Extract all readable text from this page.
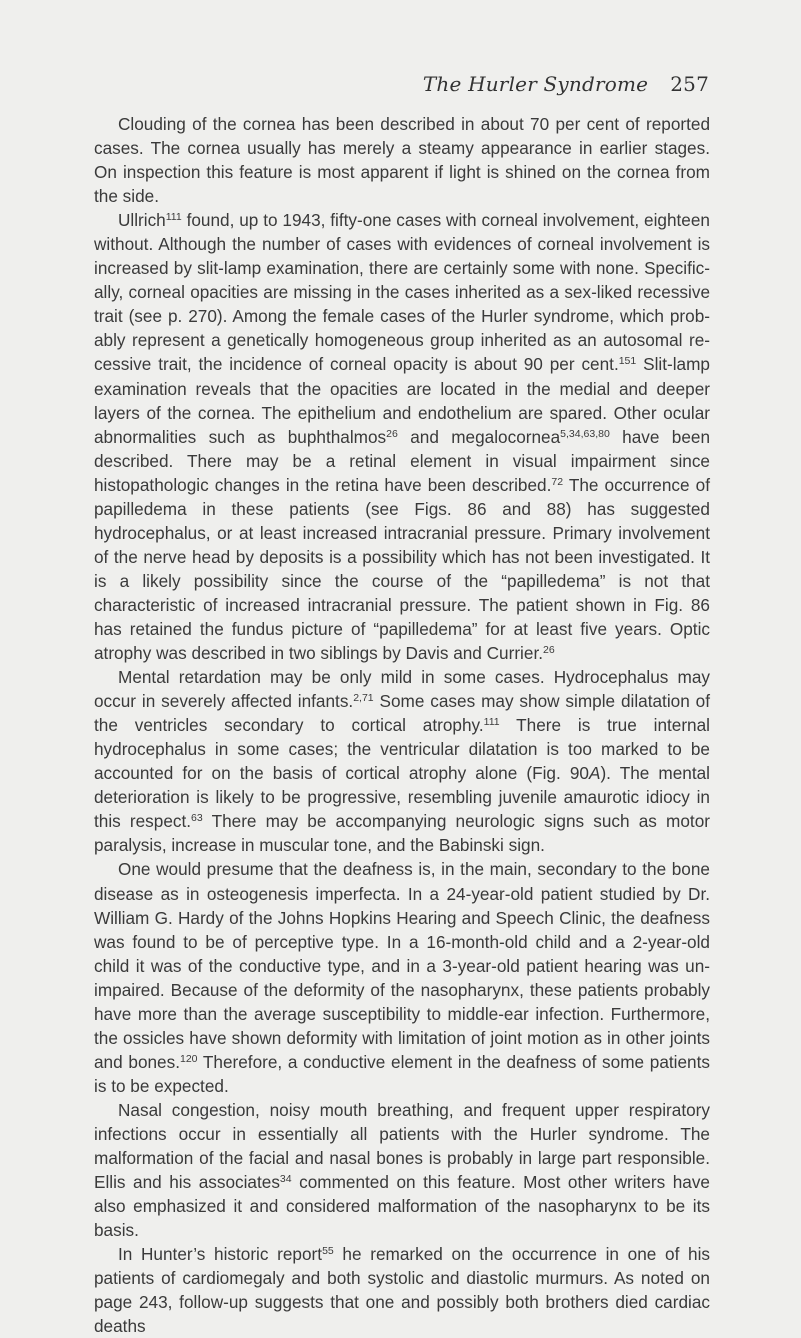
The Hurler Syndrome 257

Clouding of the cornea has been described in about 70 per cent of reported cases. The cornea usually has merely a steamy appearance in earlier stages. On inspection this feature is most apparent if light is shined on the cornea from the side.

Ullrich$^{111}$ found, up to 1943, fifty-one cases with corneal involvement, eighteen without. Although the number of cases with evidences of corneal involvement is increased by slit-lamp examination, there are certainly some with none. Specifically, corneal opacities are missing in the cases inherited as a sex-liked recessive trait (see p. 270). Among the female cases of the Hurler syndrome, which probably represent a genetically homogeneous group inherited as an autosomal recessive trait, the incidence of corneal opacity is about 90 per cent.$^{151}$ Slit-lamp examination reveals that the opacities are located in the medial and deeper layers of the cornea. The epithelium and endothelium are spared. Other ocular abnormalities such as buphthalmos$^{26}$ and megalocornea$^{5,34,63,80}$ have been described. There may be a retinal element in visual impairment since histopathologic changes in the retina have been described.$^{72}$ The occurrence of papilledema in these patients (see Figs. 86 and 88) has suggested hydrocephalus, or at least increased intracranial pressure. Primary involvement of the nerve head by deposits is a possibility which has not been investigated. It is a likely possibility since the course of the “papilledema” is not that characteristic of increased intracranial pressure. The patient shown in Fig. 86 has retained the fundus picture of “papilledema” for at least five years. Optic atrophy was described in two siblings by Davis and Currier.$^{26}$

Mental retardation may be only mild in some cases. Hydrocephalus may occur in severely affected infants.$^{2,71}$ Some cases may show simple dilatation of the ventricles secondary to cortical atrophy.$^{111}$ There is true internal hydrocephalus in some cases; the ventricular dilatation is too marked to be accounted for on the basis of cortical atrophy alone (Fig. 90A). The mental deterioration is likely to be progressive, resembling juvenile amaurotic idiocy in this respect.$^{63}$ There may be accompanying neurologic signs such as motor paralysis, increase in muscular tone, and the Babinski sign.

One would presume that the deafness is, in the main, secondary to the bone disease as in osteogenesis imperfecta. In a 24-year-old patient studied by Dr. William G. Hardy of the Johns Hopkins Hearing and Speech Clinic, the deafness was found to be of perceptive type. In a 16-month-old child and a 2-year-old child it was of the conductive type, and in a 3-year-old patient hearing was unimpaired. Because of the deformity of the nasopharynx, these patients probably have more than the average susceptibility to middle-ear infection. Furthermore, the ossicles have shown deformity with limitation of joint motion as in other joints and bones.$^{120}$ Therefore, a conductive element in the deafness of some patients is to be expected.

Nasal congestion, noisy mouth breathing, and frequent upper respiratory infections occur in essentially all patients with the Hurler syndrome. The malformation of the facial and nasal bones is probably in large part responsible. Ellis and his associates$^{34}$ commented on this feature. Most other writers have also emphasized it and considered malformation of the nasopharynx to be its basis.

In Hunter’s historic report$^{55}$ he remarked on the occurrence in one of his patients of cardiomegaly and both systolic and diastolic murmurs. As noted on page 243, follow-up suggests that one and possibly both brothers died cardiac deaths
